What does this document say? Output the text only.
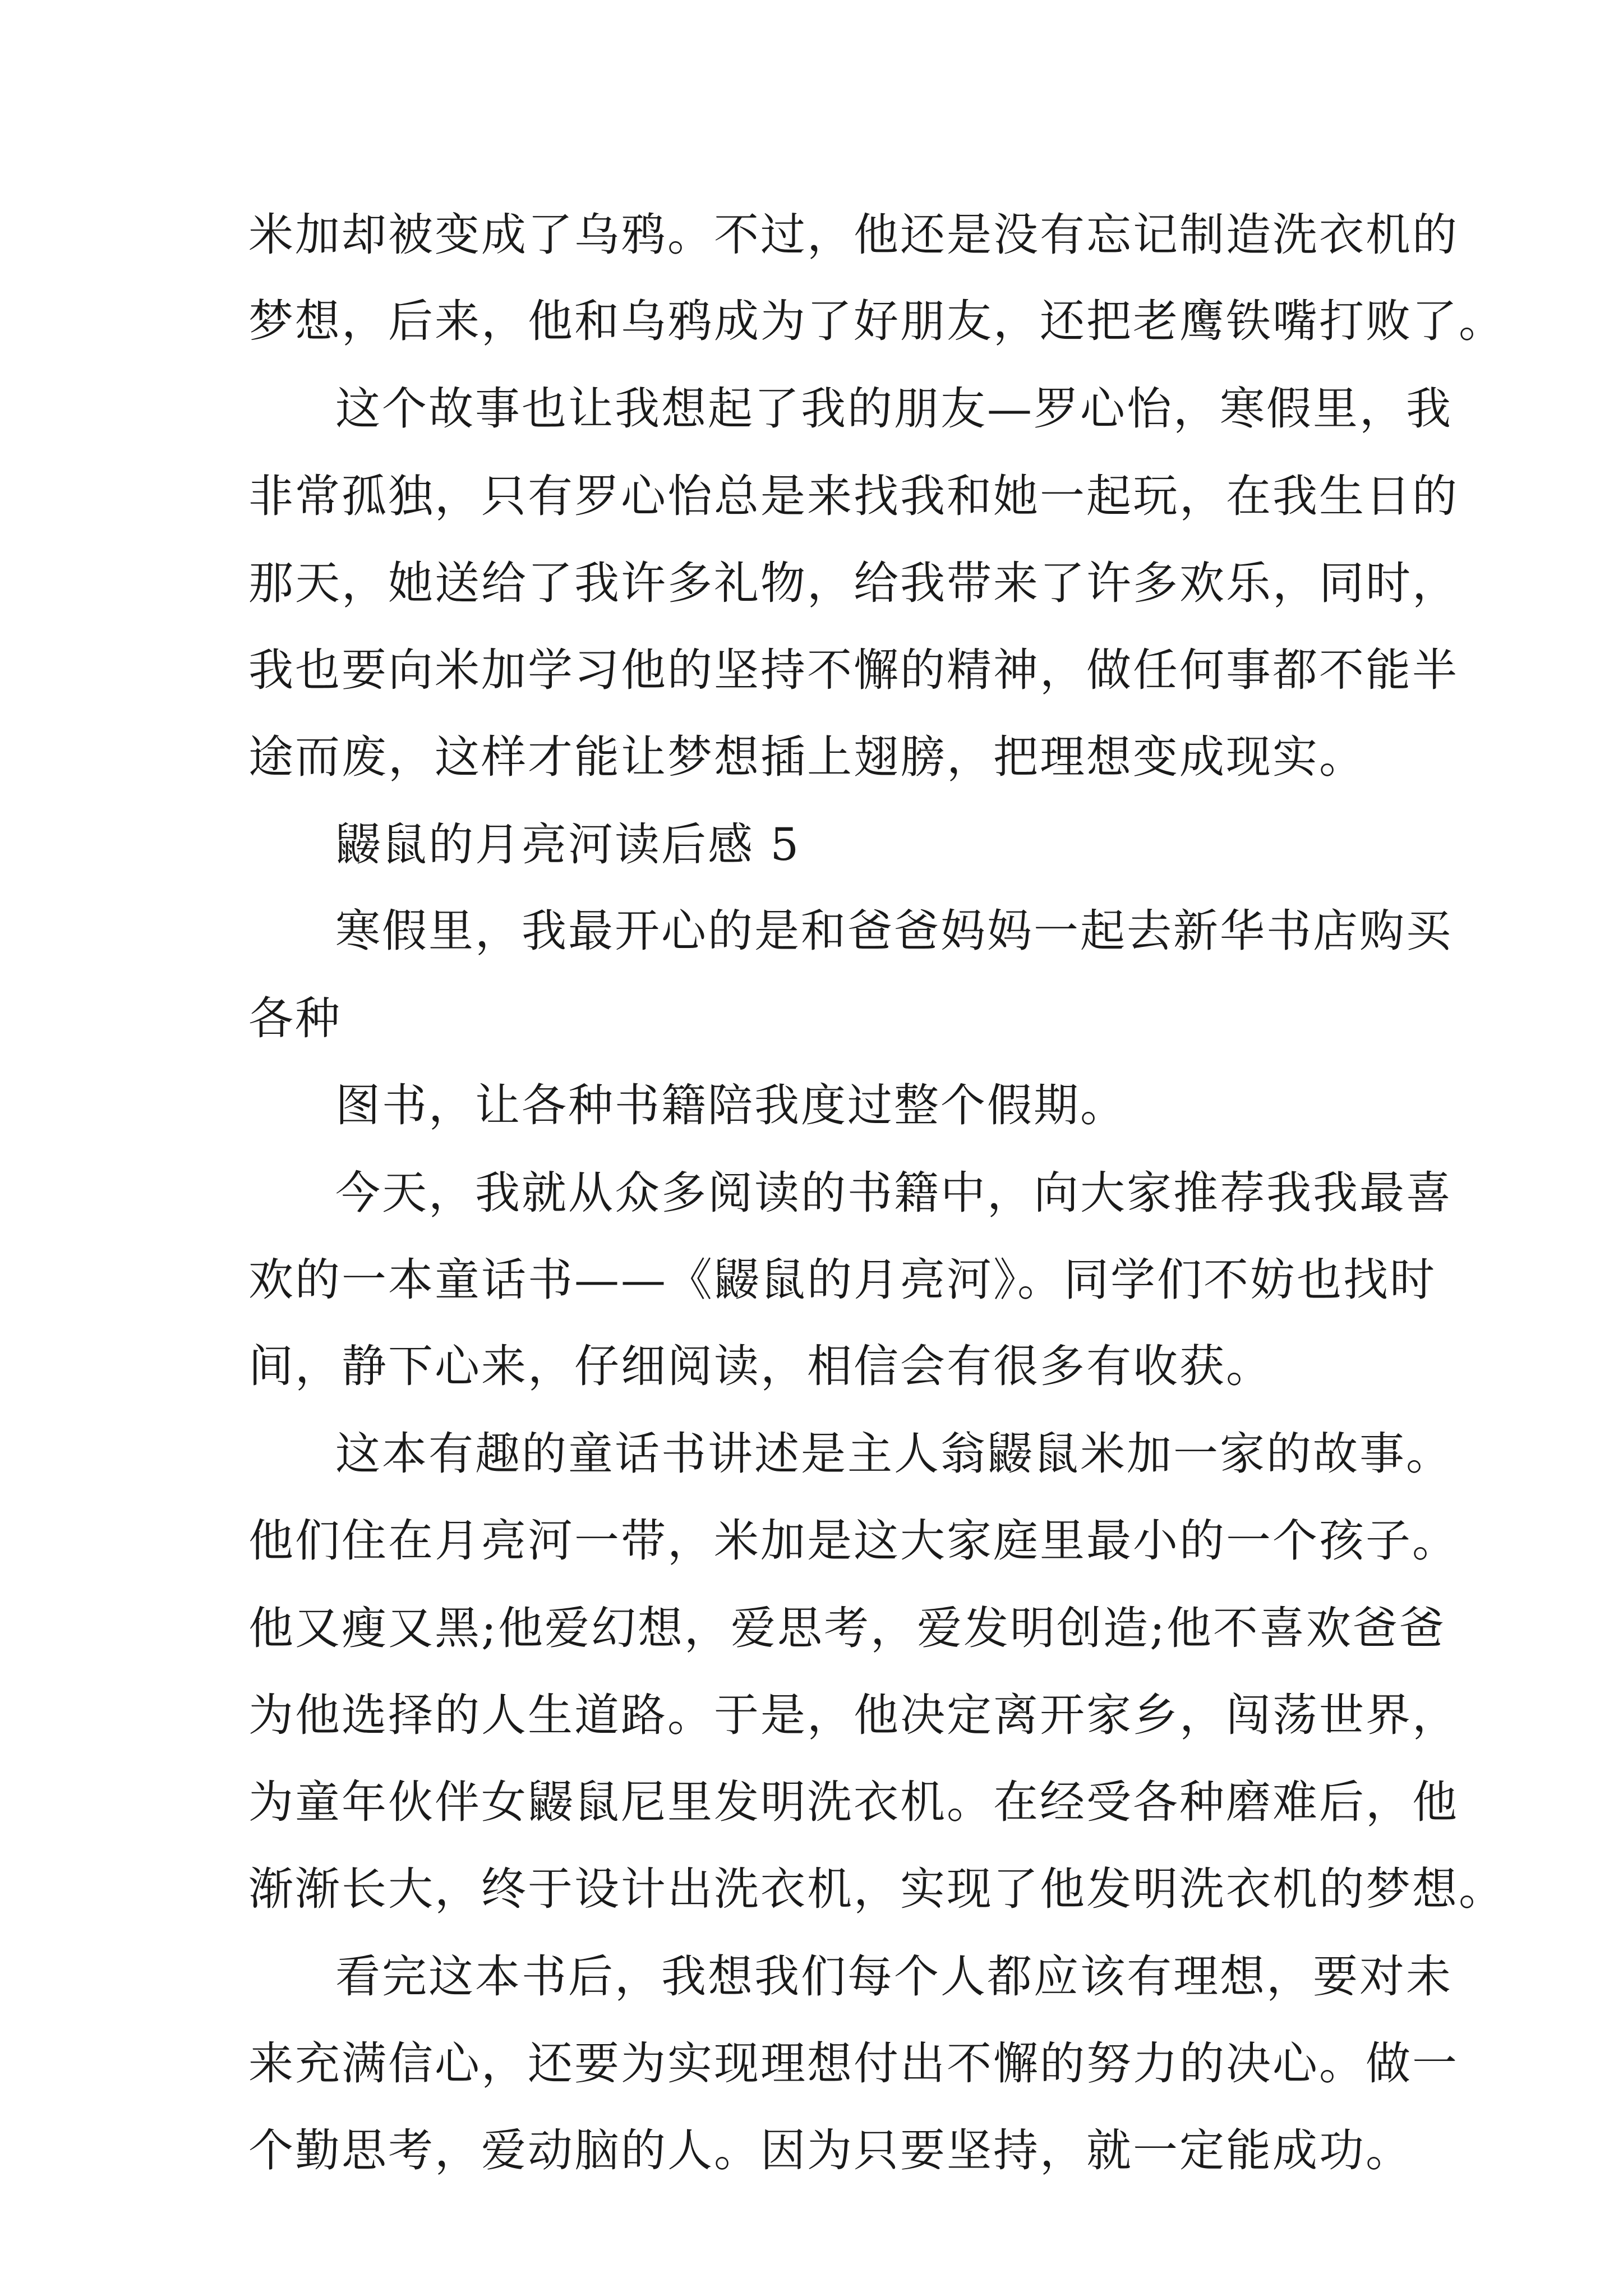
米加却被变成了乌鸦。不过，他还是没有忘记制造洗衣机的

梦想，后来，他和乌鸦成为了好朋友，还把老鹰铁嘴打败了。

这个故事也让我想起了我的朋友—罗心怡，寒假里，我

非常孤独，只有罗心怡总是来找我和她一起玩，在我生日的

那天，她送给了我许多礼物，给我带来了许多欢乐，同时，

我也要向米加学习他的坚持不懈的精神，做任何事都不能半

途而废，这样才能让梦想插上翅膀，把理想变成现实。

鼹鼠的月亮河读后感 5

寒假里，我最开心的是和爸爸妈妈一起去新华书店购买

各种

图书，让各种书籍陪我度过整个假期。

今天，我就从众多阅读的书籍中，向大家推荐我我最喜

欢的一本童话书——《鼹鼠的月亮河》。同学们不妨也找时

间，静下心来，仔细阅读，相信会有很多有收获。

这本有趣的童话书讲述是主人翁鼹鼠米加一家的故事。

他们住在月亮河一带，米加是这大家庭里最小的一个孩子。

他又瘦又黑;他爱幻想，爱思考，爱发明创造;他不喜欢爸爸

为他选择的人生道路。于是，他决定离开家乡，闯荡世界，

为童年伙伴女鼹鼠尼里发明洗衣机。在经受各种磨难后，他

渐渐长大，终于设计出洗衣机，实现了他发明洗衣机的梦想。

看完这本书后，我想我们每个人都应该有理想，要对未

来充满信心，还要为实现理想付出不懈的努力的决心。做一

个勤思考，爱动脑的人。因为只要坚持，就一定能成功。
